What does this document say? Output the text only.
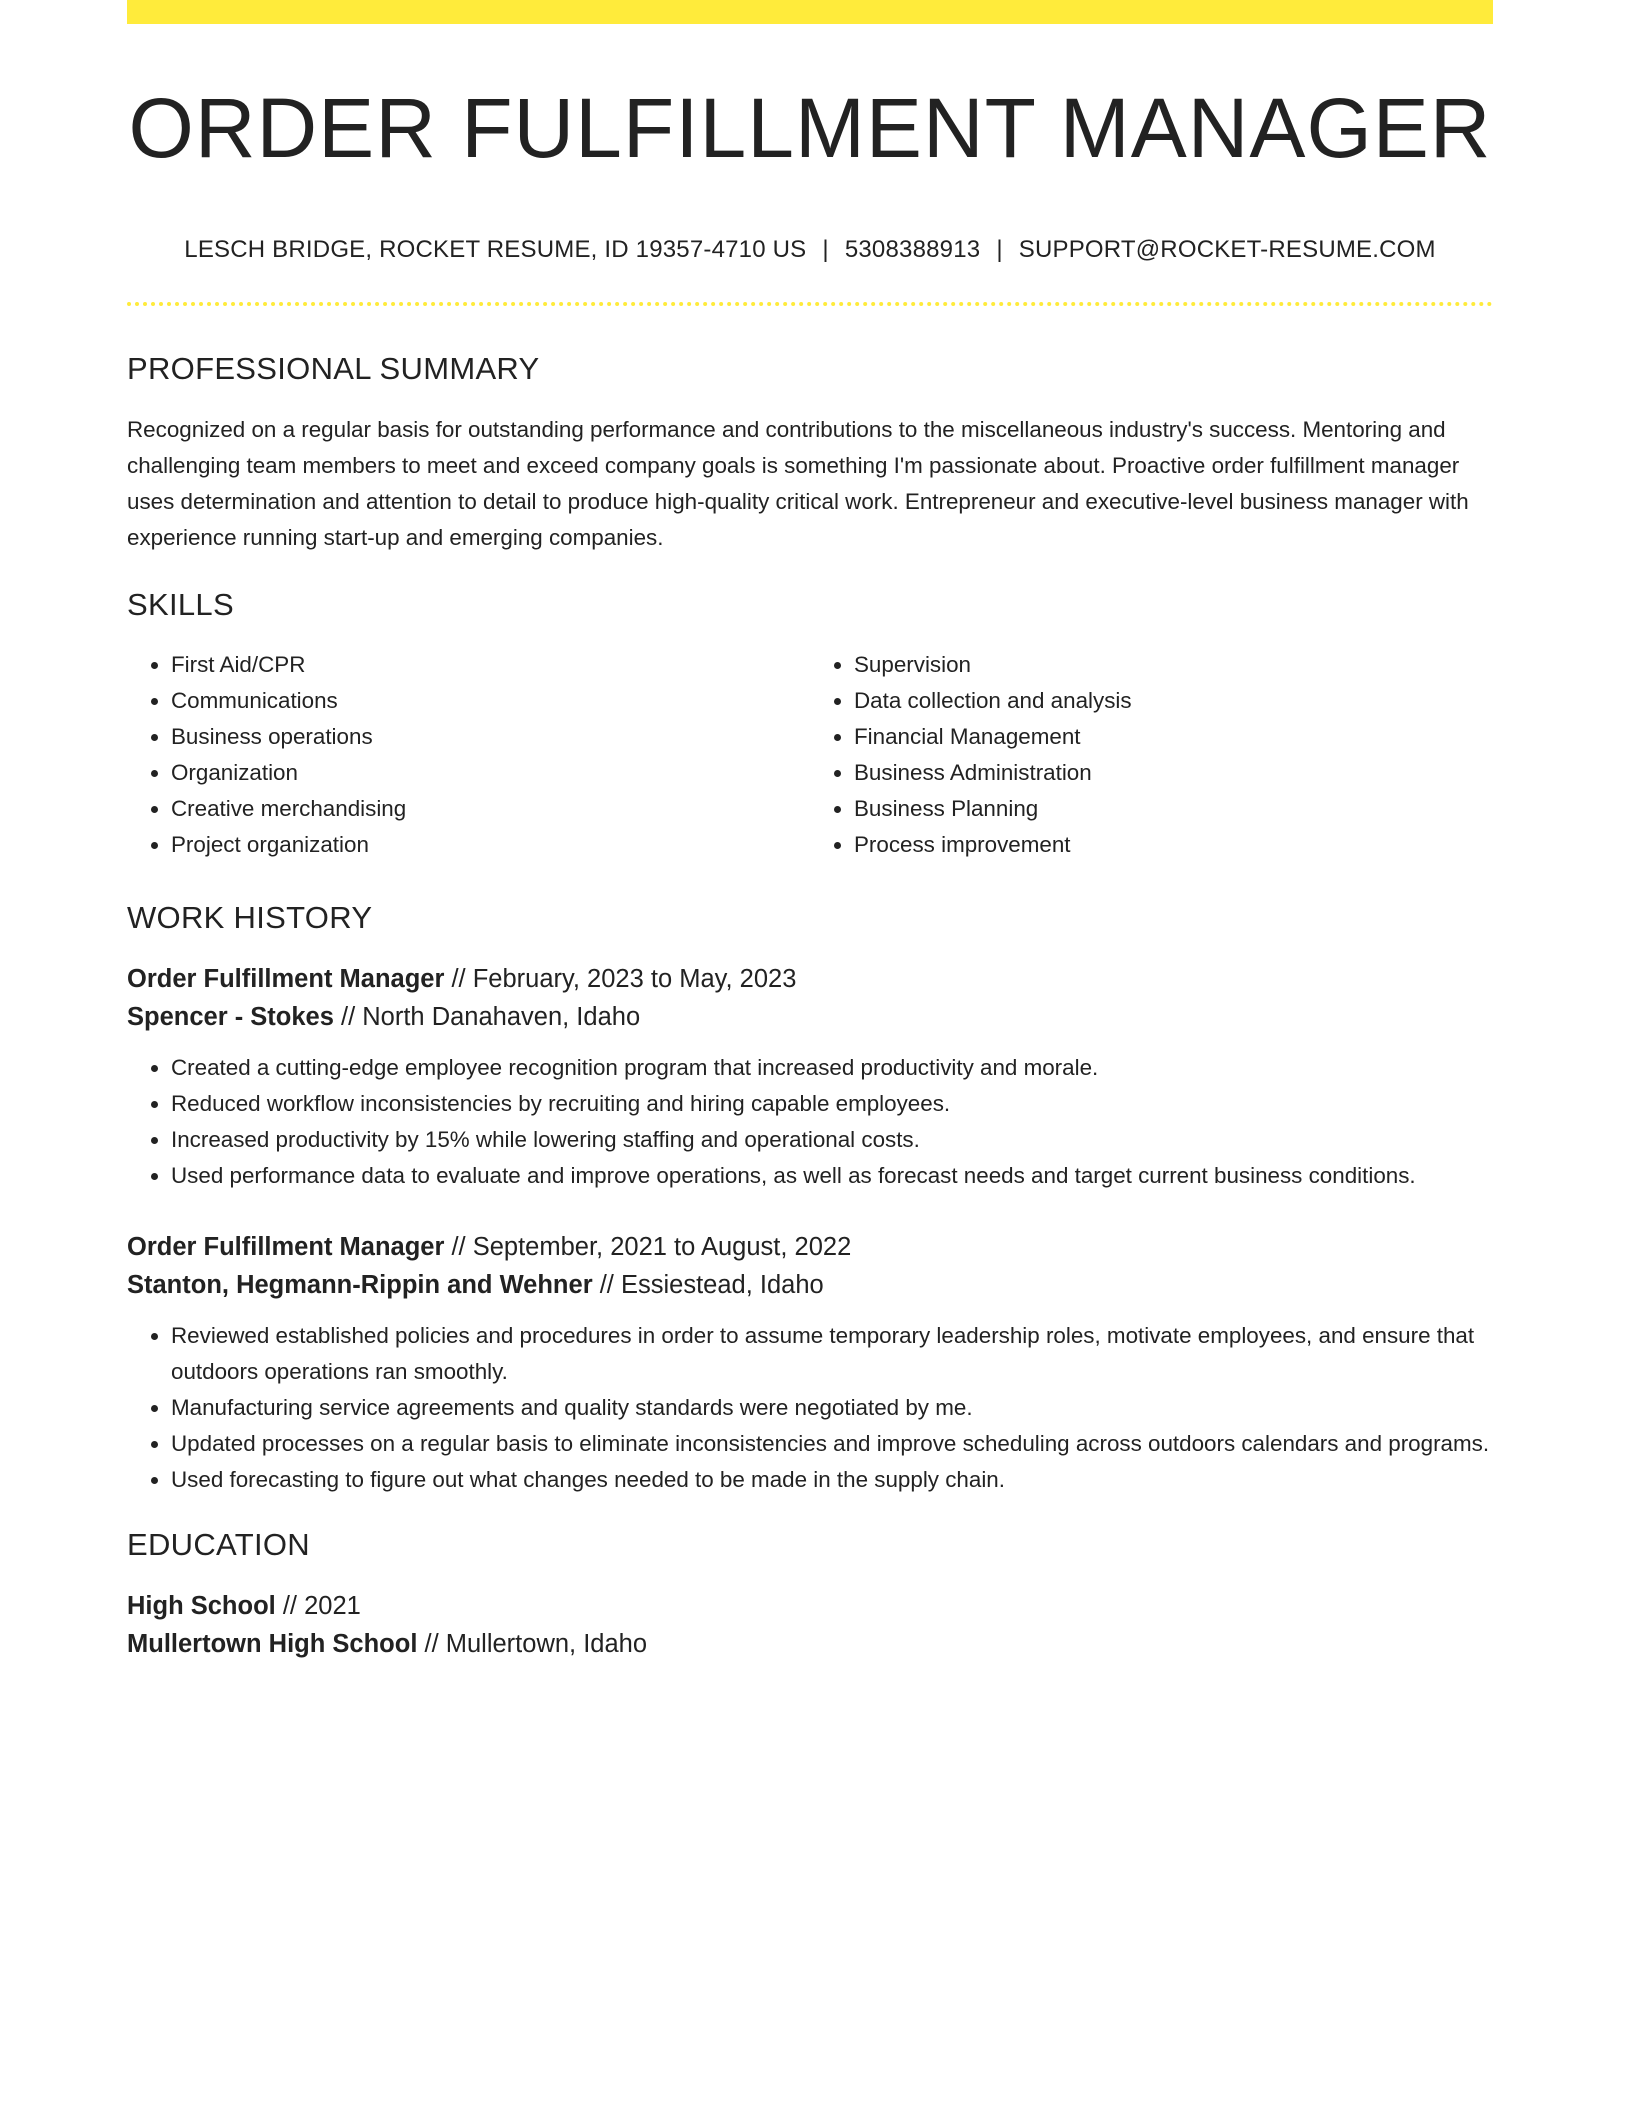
ORDER FULFILLMENT MANAGER
LESCH BRIDGE, ROCKET RESUME, ID 19357-4710 US | 5308388913 | SUPPORT@ROCKET-RESUME.COM
PROFESSIONAL SUMMARY

Recognized on a regular basis for outstanding performance and contributions to the miscellaneous industry's success. Mentoring and challenging team members to meet and exceed company goals is something I'm passionate about. Proactive order fulfillment manager uses determination and attention to detail to produce high-quality critical work. Entrepreneur and executive-level business manager with experience running start-up and emerging companies.

SKILLS
• First Aid/CPR
• Communications
• Business operations
• Organization
• Creative merchandising
• Project organization
• Supervision
• Data collection and analysis
• Financial Management
• Business Administration
• Business Planning
• Process improvement
WORK HISTORY
Order Fulfillment Manager // February, 2023 to May, 2023
Spencer - Stokes // North Danahaven, Idaho
• Created a cutting-edge employee recognition program that increased productivity and morale.
• Reduced workflow inconsistencies by recruiting and hiring capable employees.
• Increased productivity by 15% while lowering staffing and operational costs.
• Used performance data to evaluate and improve operations, as well as forecast needs and target current business conditions.
Order Fulfillment Manager // September, 2021 to August, 2022
Stanton, Hegmann-Rippin and Wehner // Essiestead, Idaho
• Reviewed established policies and procedures in order to assume temporary leadership roles, motivate employees, and ensure that outdoors operations ran smoothly.
• Manufacturing service agreements and quality standards were negotiated by me.
• Updated processes on a regular basis to eliminate inconsistencies and improve scheduling across outdoors calendars and programs.
• Used forecasting to figure out what changes needed to be made in the supply chain.
EDUCATION
High School // 2021
Mullertown High School // Mullertown, Idaho
